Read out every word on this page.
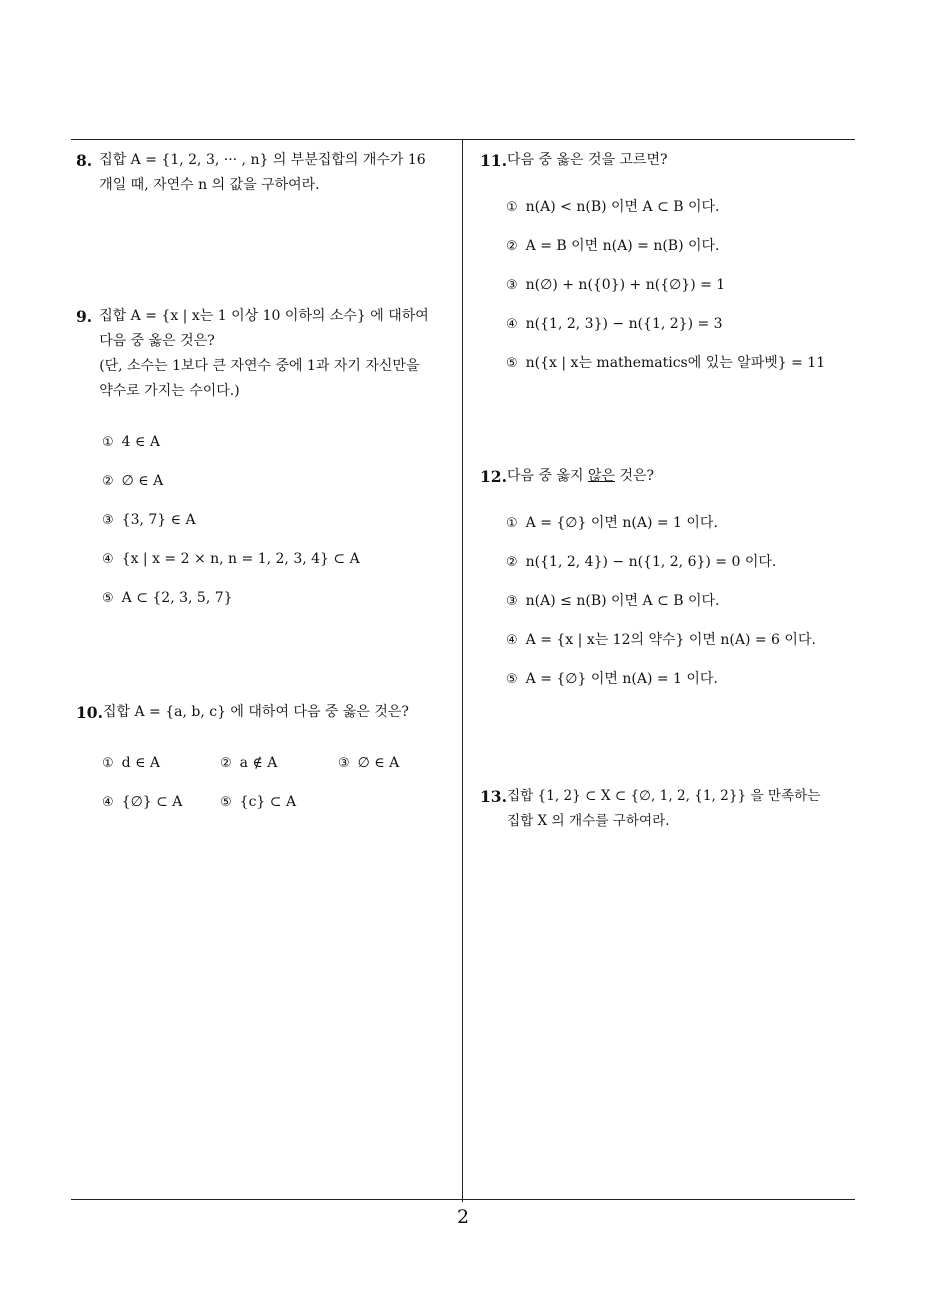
8. 집합 A = {1, 2, 3, ··· , n} 의 부분집합의 개수가 16
개일 때, 자연수 n 의 값을 구하여라.
9. 집합 A = {x | x는 1 이상 10 이하의 소수} 에 대하여
다음 중 옳은 것은?
(단, 소수는 1보다 큰 자연수 중에 1과 자기 자신만을
약수로 가지는 수이다.)
① 4 ∈ A
② ∅ ∈ A
③ {3, 7} ∈ A
④ {x | x = 2 × n, n = 1, 2, 3, 4} ⊂ A
⑤ A ⊂ {2, 3, 5, 7}
10. 집합 A = {a, b, c} 에 대하여 다음 중 옳은 것은?
① d ∈ A	② a ∉ A	③ ∅ ∈ A
④ {∅} ⊂ A	⑤ {c} ⊂ A
11. 다음 중 옳은 것을 고르면?
① n(A) < n(B) 이면 A ⊂ B 이다.
② A = B 이면 n(A) = n(B) 이다.
③ n(∅) + n({0}) + n({∅}) = 1
④ n({1, 2, 3}) − n({1, 2}) = 3
⑤ n({x | x는 mathematics에 있는 알파벳} = 11
12. 다음 중 옳지 않은 것은?
① A = {∅} 이면 n(A) = 1 이다.
② n({1, 2, 4}) − n({1, 2, 6}) = 0 이다.
③ n(A) ≤ n(B) 이면 A ⊂ B 이다.
④ A = {x | x는 12의 약수} 이면 n(A) = 6 이다.
⑤ A = {∅} 이면 n(A) = 1 이다.
13. 집합 {1, 2} ⊂ X ⊂ {∅, 1, 2, {1, 2}} 을 만족하는
집합 X 의 개수를 구하여라.
2
